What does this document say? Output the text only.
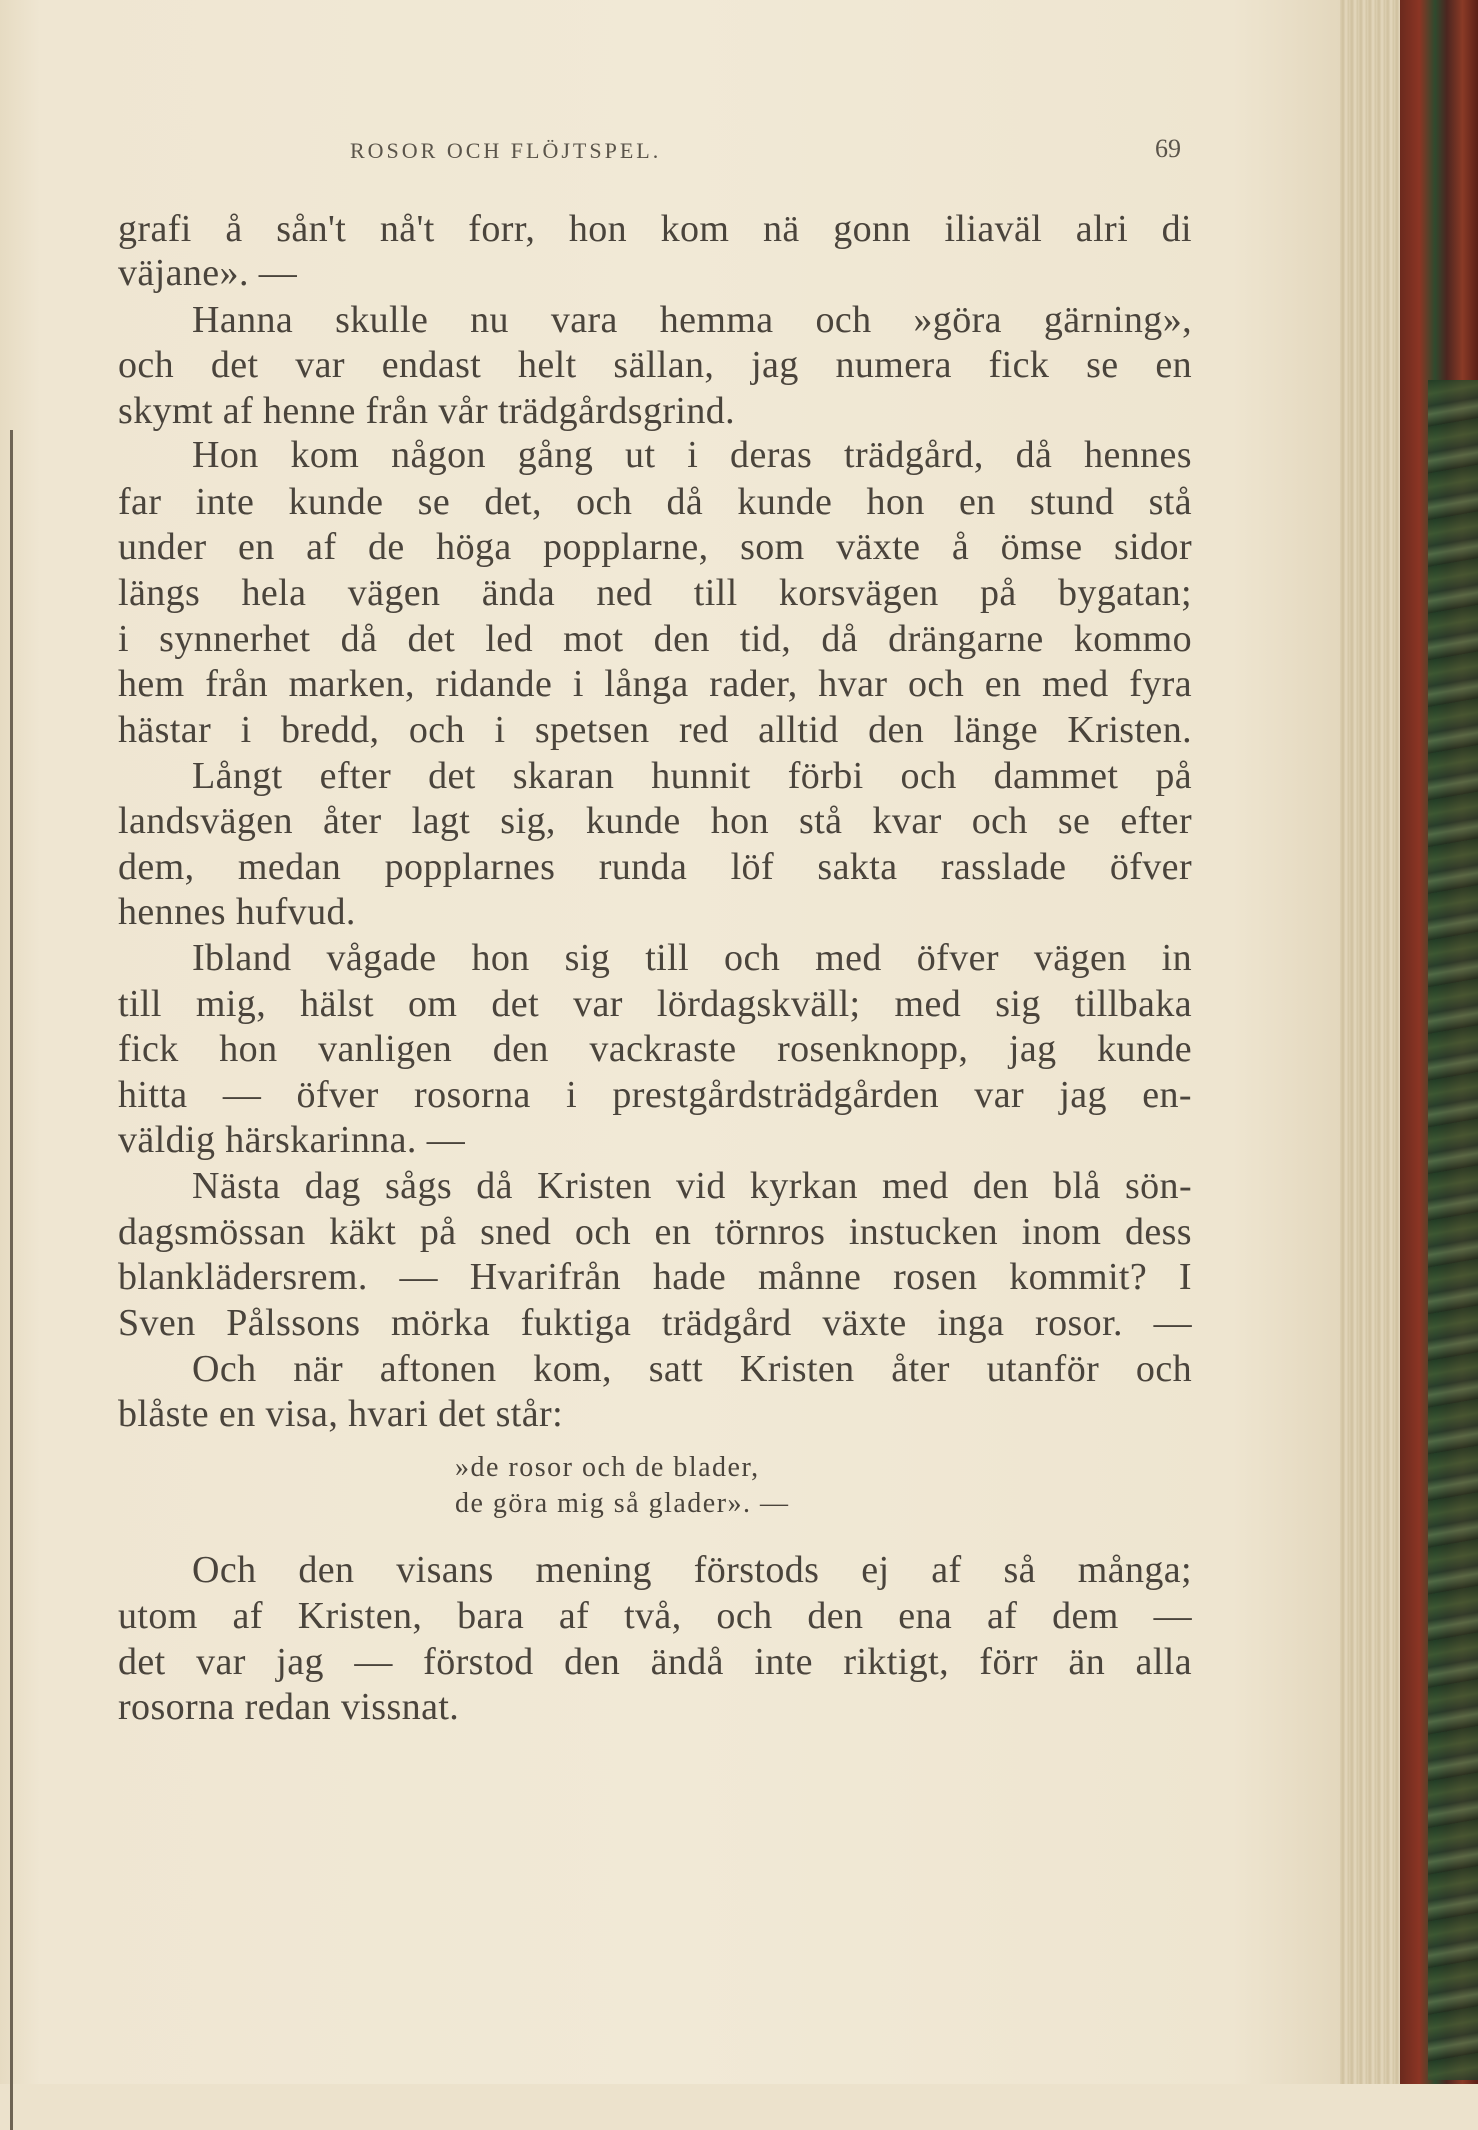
ROSOR OCH FLÖJTSPEL.	69
grafi å sån't nå't forr, hon kom nä gonn iliaväl alri di
väjane». —
Hanna skulle nu vara hemma och »göra gärning»,
och det var endast helt sällan, jag numera fick se en
skymt af henne från vår trädgårdsgrind.
Hon kom någon gång ut i deras trädgård, då hennes
far inte kunde se det, och då kunde hon en stund stå
under en af de höga popplarne, som växte å ömse sidor
längs hela vägen ända ned till korsvägen på bygatan;
i synnerhet då det led mot den tid, då drängarne kommo
hem från marken, ridande i långa rader, hvar och en med fyra
hästar i bredd, och i spetsen red alltid den länge Kristen.
Långt efter det skaran hunnit förbi och dammet på
landsvägen åter lagt sig, kunde hon stå kvar och se efter
dem, medan popplarnes runda löf sakta rasslade öfver
hennes hufvud.
Ibland vågade hon sig till och med öfver vägen in
till mig, hälst om det var lördagskväll; med sig tillbaka
fick hon vanligen den vackraste rosenknopp, jag kunde
hitta — öfver rosorna i prestgårdsträdgården var jag en-
väldig härskarinna. —
Nästa dag sågs då Kristen vid kyrkan med den blå sön-
dagsmössan käkt på sned och en törnros instucken inom dess
blanklädersrem. — Hvarifrån hade månne rosen kommit? I
Sven Pålssons mörka fuktiga trädgård växte inga rosor. —
Och när aftonen kom, satt Kristen åter utanför och
blåste en visa, hvari det står:
»de rosor och de blader,
de göra mig så glader». —
Och den visans mening förstods ej af så många;
utom af Kristen, bara af två, och den ena af dem —
det var jag — förstod den ändå inte riktigt, förr än alla
rosorna redan vissnat.
